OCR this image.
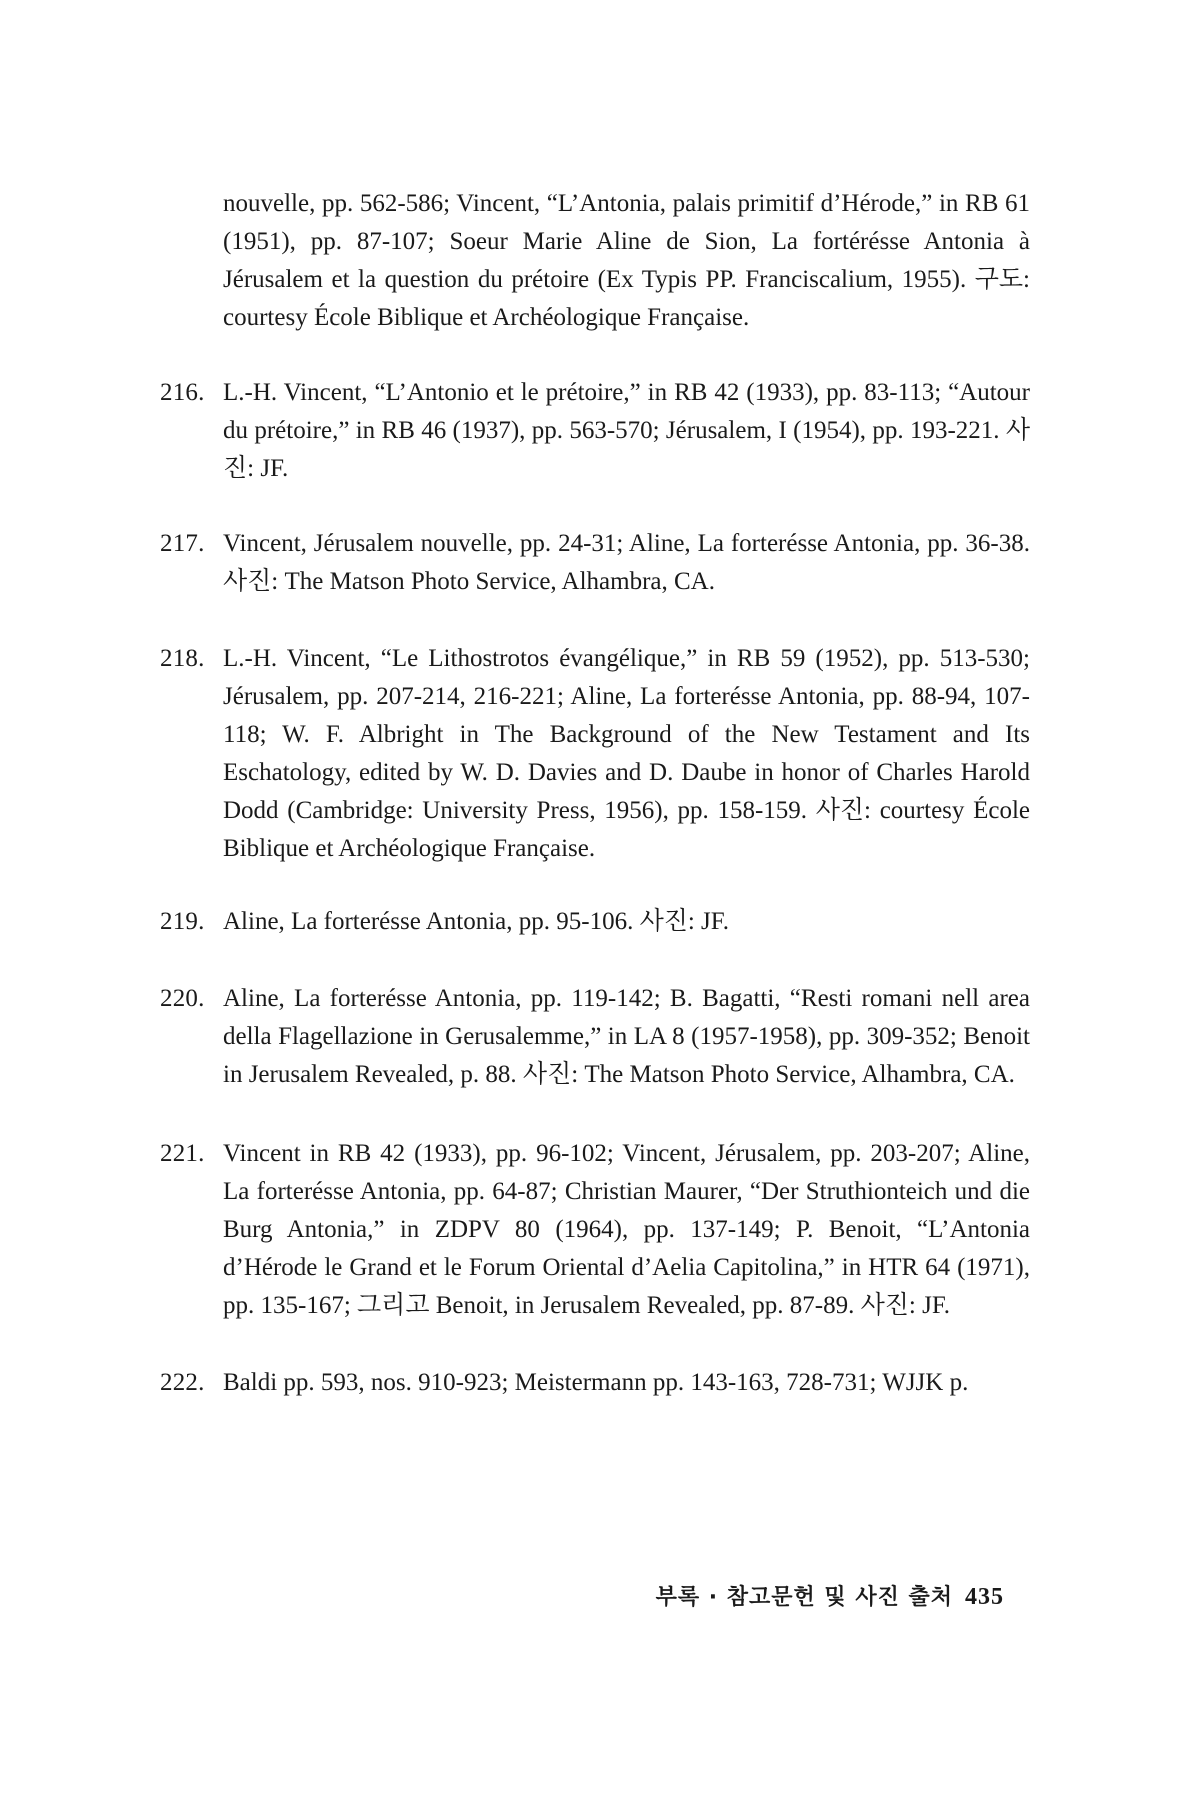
nouvelle, pp. 562-586; Vincent, “L’Antonia, palais primitif d’Hérode,” in RB 61 (1951), pp. 87-107; Soeur Marie Aline de Sion, La fortérésse Antonia à Jérusalem et la question du prétoire (Ex Typis PP. Franciscalium, 1955). 구도: courtesy École Biblique et Archéologique Française.
216. L.-H. Vincent, “L’Antonio et le prétoire,” in RB 42 (1933), pp. 83-113; “Autour du prétoire,” in RB 46 (1937), pp. 563-570; Jérusalem, I (1954), pp. 193-221. 사진: JF.
217. Vincent, Jérusalem nouvelle, pp. 24-31; Aline, La forterésse Antonia, pp. 36-38. 사진: The Matson Photo Service, Alhambra, CA.
218. L.-H. Vincent, “Le Lithostrotos évangélique,” in RB 59 (1952), pp. 513-530; Jérusalem, pp. 207-214, 216-221; Aline, La forterésse Antonia, pp. 88-94, 107-118; W. F. Albright in The Background of the New Testament and Its Eschatology, edited by W. D. Davies and D. Daube in honor of Charles Harold Dodd (Cambridge: University Press, 1956), pp. 158-159. 사진: courtesy École Biblique et Archéologique Française.
219. Aline, La forterésse Antonia, pp. 95-106. 사진: JF.
220. Aline, La forterésse Antonia, pp. 119-142; B. Bagatti, “Resti romani nell area della Flagellazione in Gerusalemme,” in LA 8 (1957-1958), pp. 309-352; Benoit in Jerusalem Revealed, p. 88. 사진: The Matson Photo Service, Alhambra, CA.
221. Vincent in RB 42 (1933), pp. 96-102; Vincent, Jérusalem, pp. 203-207; Aline, La forterésse Antonia, pp. 64-87; Christian Maurer, “Der Struthionteich und die Burg Antonia,” in ZDPV 80 (1964), pp. 137-149; P. Benoit, “L’Antonia d’Hérode le Grand et le Forum Oriental d’Aelia Capitolina,” in HTR 64 (1971), pp. 135-167; 그리고 Benoit, in Jerusalem Revealed, pp. 87-89. 사진: JF.
222. Baldi pp. 593, nos. 910-923; Meistermann pp. 143-163, 728-731; WJJK p.
부록 · 참고문헌 및 사진 출처 435
